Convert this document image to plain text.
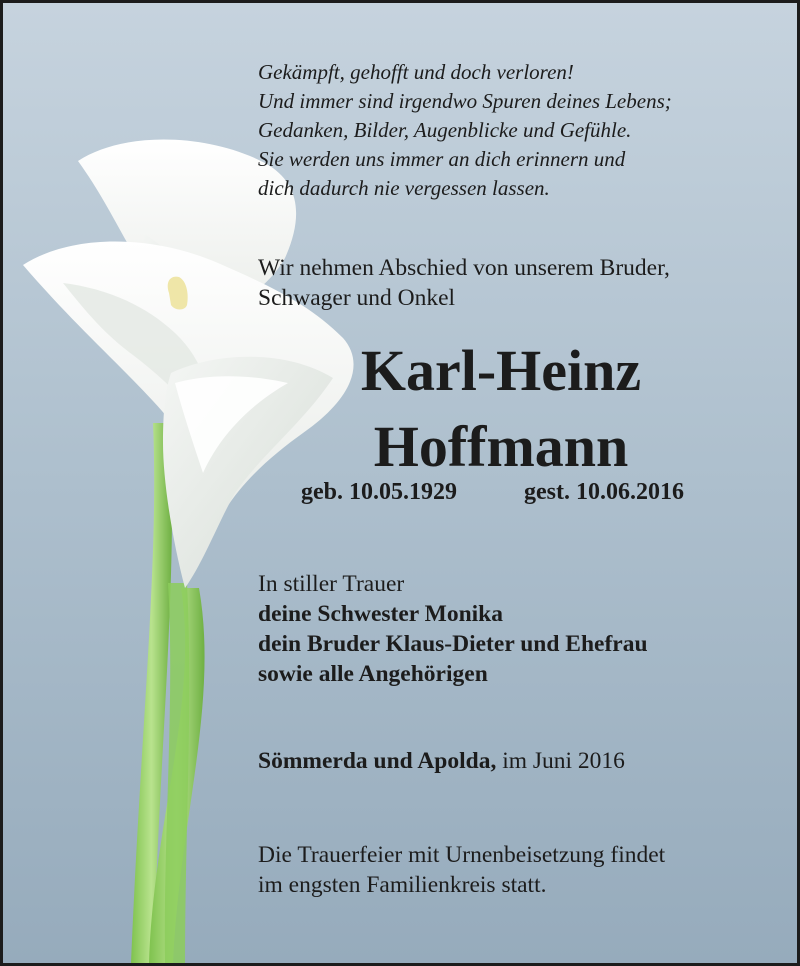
Gekämpft, gehofft und doch verloren!
Und immer sind irgendwo Spuren deines Lebens;
Gedanken, Bilder, Augenblicke und Gefühle.
Sie werden uns immer an dich erinnern und
dich dadurch nie vergessen lassen.
Wir nehmen Abschied von unserem Bruder,
Schwager und Onkel
Karl-Heinz
Hoffmann
geb. 10.05.1929	gest. 10.06.2016
In stiller Trauer
deine Schwester Monika
dein Bruder Klaus-Dieter und Ehefrau
sowie alle Angehörigen
Sömmerda und Apolda, im Juni 2016
Die Trauerfeier mit Urnenbeisetzung findet
im engsten Familienkreis statt.
